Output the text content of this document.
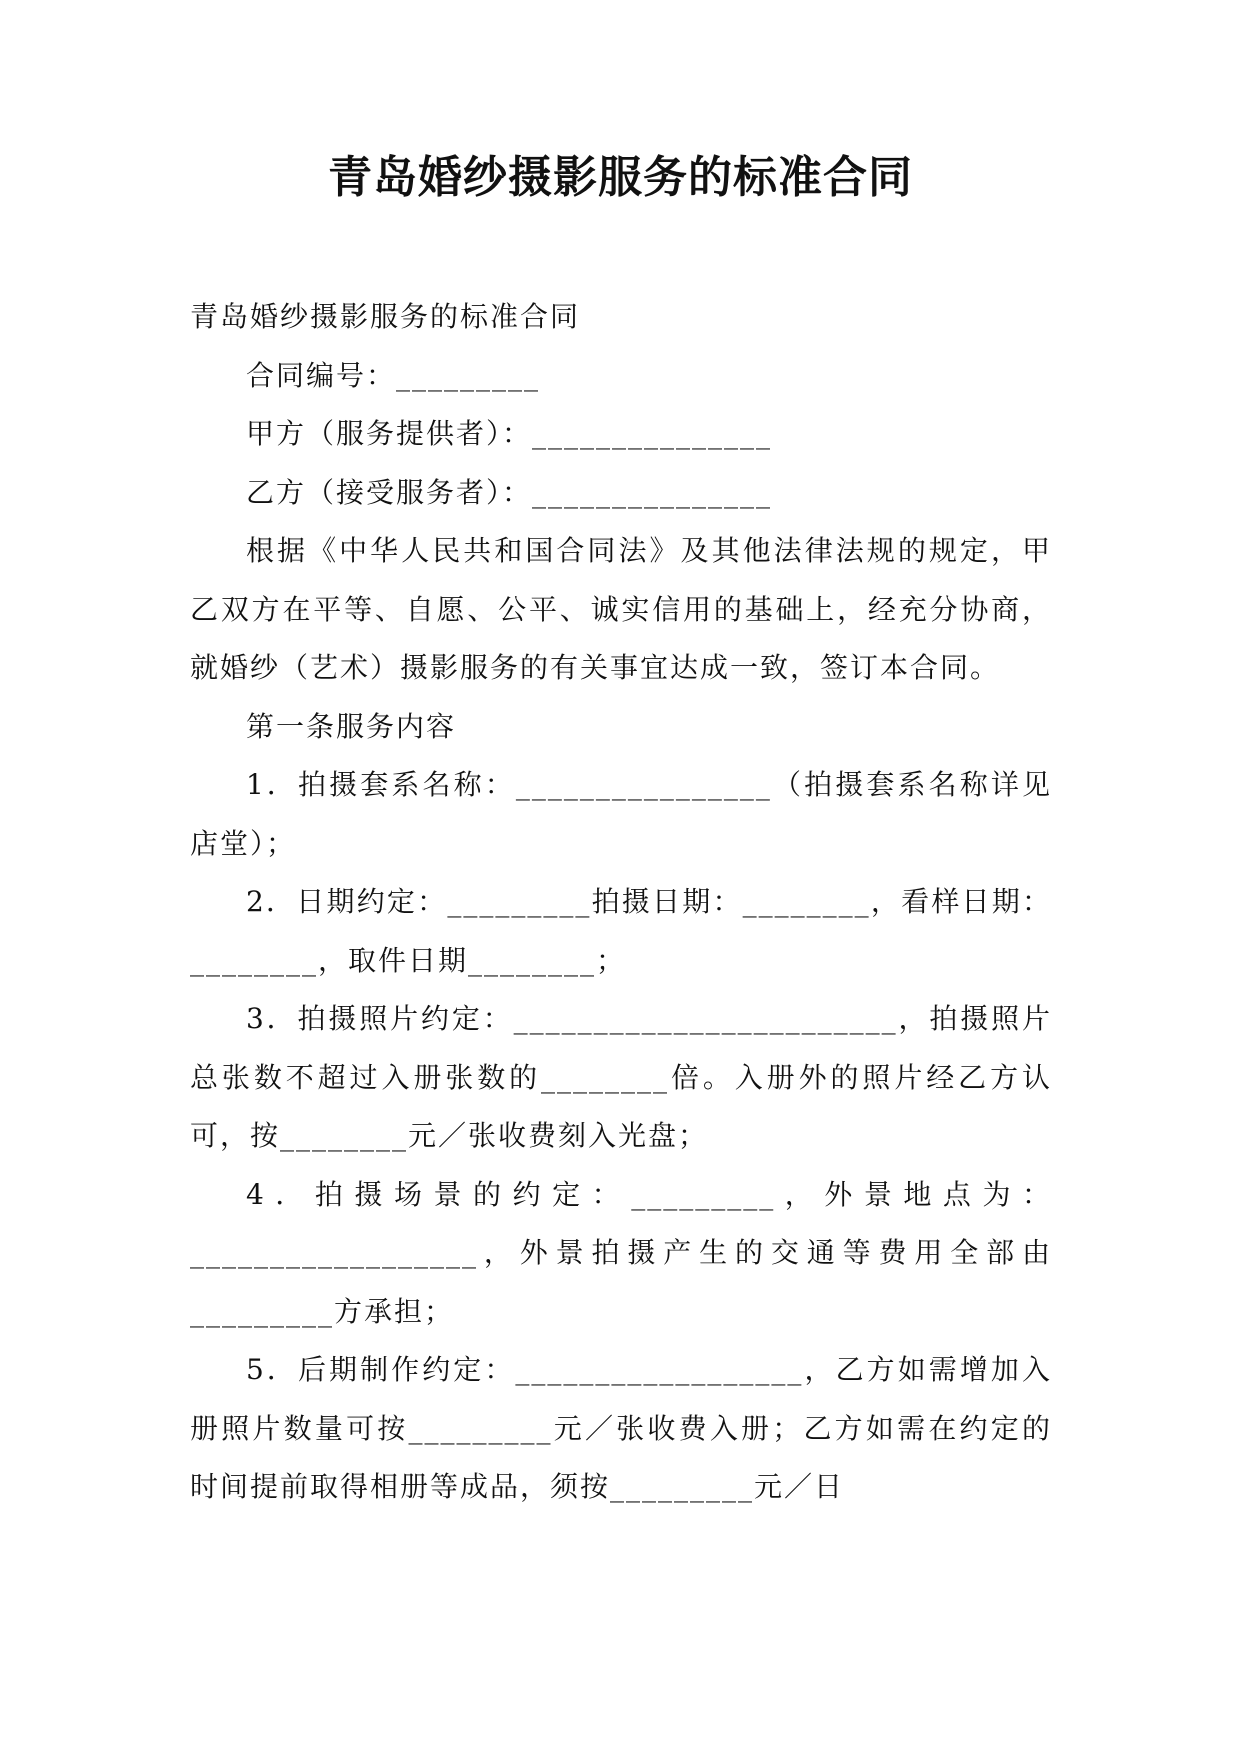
青岛婚纱摄影服务的标准合同

青岛婚纱摄影服务的标准合同

合同编号：_________

甲方（服务提供者）：_______________

乙方（接受服务者）：_______________

根据《中华人民共和国合同法》及其他法律法规的规定，甲乙双方在平等、自愿、公平、诚实信用的基础上，经充分协商，就婚纱（艺术）摄影服务的有关事宜达成一致，签订本合同。

第一条服务内容

1．拍摄套系名称：________________（拍摄套系名称详见店堂）；

2．日期约定：_________拍摄日期：________，看样日期：________，取件日期________；

3．拍摄照片约定：________________________，拍摄照片总张数不超过入册张数的________倍。入册外的照片经乙方认可，按________元／张收费刻入光盘；

4．拍摄场景的约定：_________，外景地点为：__________________，外景拍摄产生的交通等费用全部由_________方承担；

5．后期制作约定：__________________，乙方如需增加入册照片数量可按_________元／张收费入册；乙方如需在约定的时间提前取得相册等成品，须按_________元／日
